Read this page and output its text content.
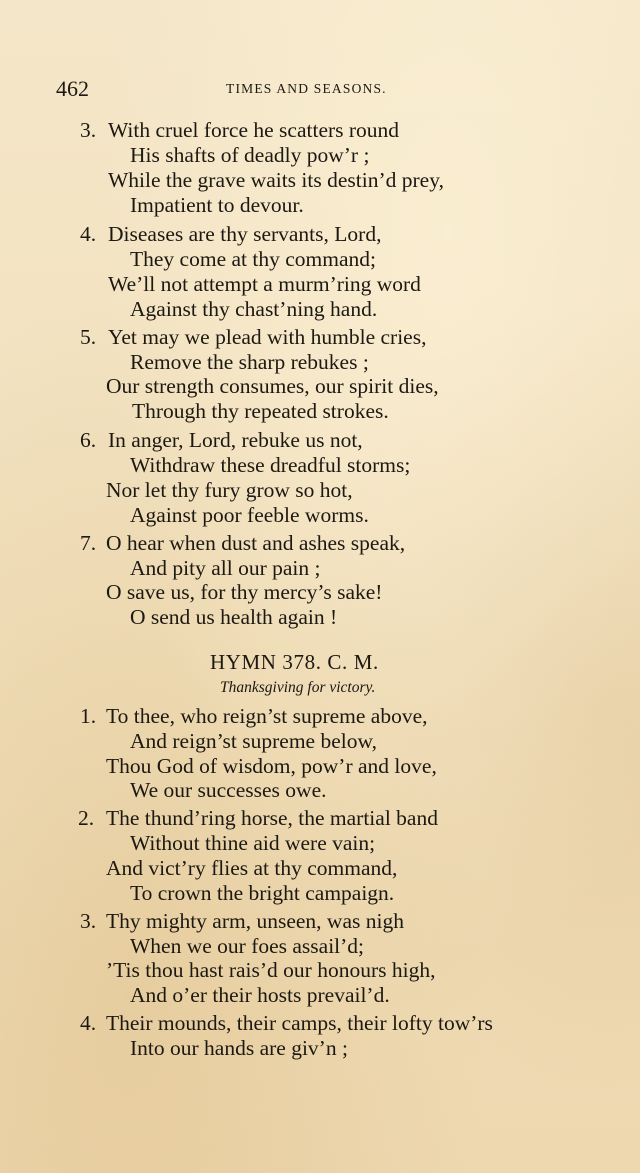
462	TIMES AND SEASONS.
3. With cruel force he scatters round
His shafts of deadly pow’r ;
While the grave waits its destin’d prey,
Impatient to devour.
4. Diseases are thy servants, Lord,
They come at thy command;
We’ll not attempt a murm’ring word
Against thy chast’ning hand.
5. Yet may we plead with humble cries,
Remove the sharp rebukes ;
Our strength consumes, our spirit dies,
Through thy repeated strokes.
6. In anger, Lord, rebuke us not,
Withdraw these dreadful storms;
Nor let thy fury grow so hot,
Against poor feeble worms.
7. O hear when dust and ashes speak,
And pity all our pain ;
O save us, for thy mercy’s sake!
O send us health again !
HYMN 378. C. M.
Thanksgiving for victory.
1. To thee, who reign’st supreme above,
And reign’st supreme below,
Thou God of wisdom, pow’r and love,
We our successes owe.
2. The thund’ring horse, the martial band
Without thine aid were vain;
And vict’ry flies at thy command,
To crown the bright campaign.
3. Thy mighty arm, unseen, was nigh
When we our foes assail’d;
’Tis thou hast rais’d our honours high,
And o’er their hosts prevail’d.
4. Their mounds, their camps, their lofty tow’rs
Into our hands are giv’n ;
